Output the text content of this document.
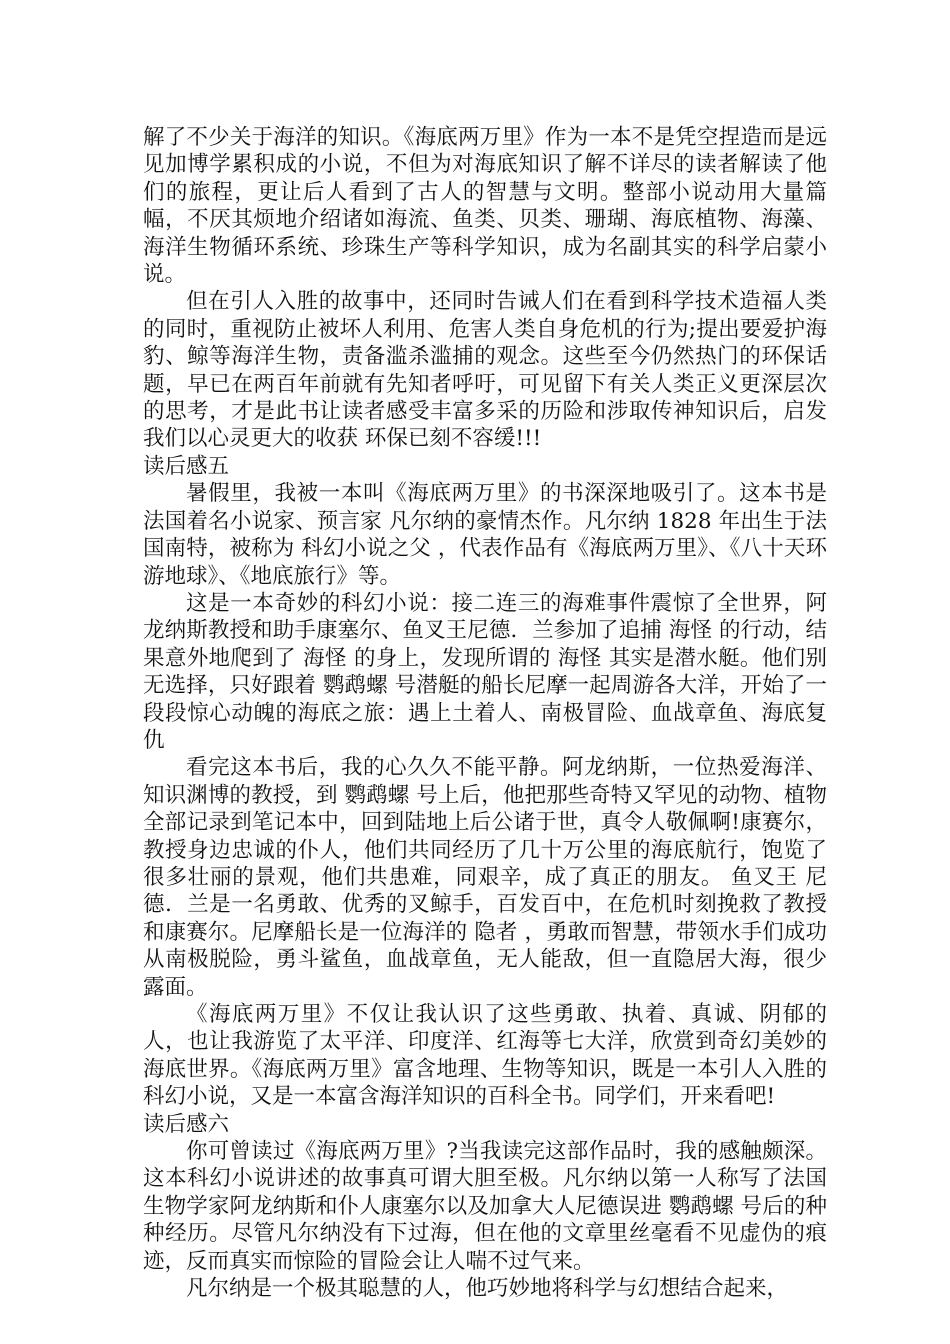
解了不少关于海洋的知识。《海底两万里》作为一本不是凭空捏造而是远见加博学累积成的小说，不但为对海底知识了解不详尽的读者解读了他们的旅程，更让后人看到了古人的智慧与文明。整部小说动用大量篇幅，不厌其烦地介绍诸如海流、鱼类、贝类、珊瑚、海底植物、海藻、海洋生物循环系统、珍珠生产等科学知识，成为名副其实的科学启蒙小说。

但在引人入胜的故事中，还同时告诫人们在看到科学技术造福人类的同时，重视防止被坏人利用、危害人类自身危机的行为;提出要爱护海豹、鲸等海洋生物，责备滥杀滥捕的观念。这些至今仍然热门的环保话题，早已在两百年前就有先知者呼吁，可见留下有关人类正义更深层次的思考，才是此书让读者感受丰富多采的历险和涉取传神知识后，启发我们以心灵更大的收获 环保已刻不容缓!!!

读后感五

暑假里，我被一本叫《海底两万里》的书深深地吸引了。这本书是法国着名小说家、预言家 凡尔纳的豪情杰作。凡尔纳 1828 年出生于法国南特，被称为 科幻小说之父 ，代表作品有《海底两万里》、《八十天环游地球》、《地底旅行》等。

这是一本奇妙的科幻小说：接二连三的海难事件震惊了全世界，阿龙纳斯教授和助手康塞尔、鱼叉王尼德．兰参加了追捕 海怪 的行动，结果意外地爬到了 海怪 的身上，发现所谓的 海怪 其实是潜水艇。他们别无选择，只好跟着 鹦鹉螺 号潜艇的船长尼摩一起周游各大洋，开始了一段段惊心动魄的海底之旅：遇上土着人、南极冒险、血战章鱼、海底复仇

看完这本书后，我的心久久不能平静。阿龙纳斯，一位热爱海洋、知识渊博的教授，到 鹦鹉螺 号上后，他把那些奇特又罕见的动物、植物全部记录到笔记本中，回到陆地上后公诸于世，真令人敬佩啊!康赛尔，教授身边忠诚的仆人，他们共同经历了几十万公里的海底航行，饱览了很多壮丽的景观，他们共患难，同艰辛，成了真正的朋友。 鱼叉王 尼德．兰是一名勇敢、优秀的叉鲸手，百发百中，在危机时刻挽救了教授和康赛尔。尼摩船长是一位海洋的 隐者 ，勇敢而智慧，带领水手们成功从南极脱险，勇斗鲨鱼，血战章鱼，无人能敌，但一直隐居大海，很少露面。

《海底两万里》不仅让我认识了这些勇敢、执着、真诚、阴郁的人，也让我游览了太平洋、印度洋、红海等七大洋，欣赏到奇幻美妙的海底世界。《海底两万里》富含地理、生物等知识，既是一本引人入胜的科幻小说，又是一本富含海洋知识的百科全书。同学们，开来看吧!

读后感六

你可曾读过《海底两万里》?当我读完这部作品时，我的感触颇深。这本科幻小说讲述的故事真可谓大胆至极。凡尔纳以第一人称写了法国生物学家阿龙纳斯和仆人康塞尔以及加拿大人尼德误进 鹦鹉螺 号后的种种经历。尽管凡尔纳没有下过海，但在他的文章里丝毫看不见虚伪的痕迹，反而真实而惊险的冒险会让人喘不过气来。

凡尔纳是一个极其聪慧的人，他巧妙地将科学与幻想结合起来，
